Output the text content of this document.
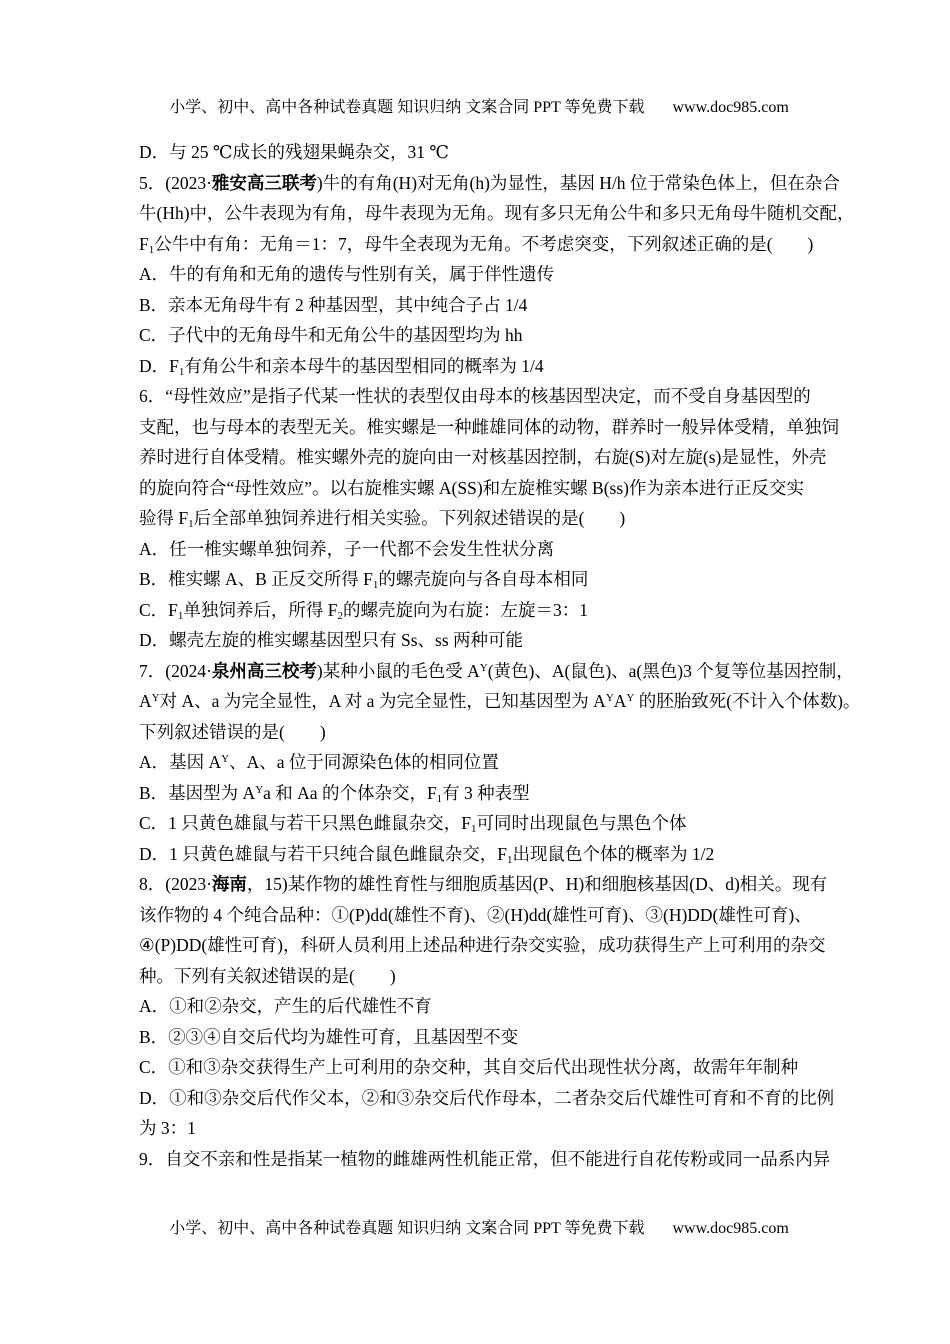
小学、初中、高中各种试卷真题 知识归纳 文案合同 PPT 等免费下载 www.doc985.com

D．与 25 ℃成长的残翅果蝇杂交，31 ℃
5．(2023·雅安高三联考)牛的有角(H)对无角(h)为显性，基因 H/h 位于常染色体上，但在杂合
牛(Hh)中，公牛表现为有角，母牛表现为无角。现有多只无角公牛和多只无角母牛随机交配，
F1公牛中有角：无角＝1：7，母牛全表现为无角。不考虑突变，下列叙述正确的是(　　)
A．牛的有角和无角的遗传与性别有关，属于伴性遗传
B．亲本无角母牛有 2 种基因型，其中纯合子占 1/4
C．子代中的无角母牛和无角公牛的基因型均为 hh
D．F1有角公牛和亲本母牛的基因型相同的概率为 1/4
6．“母性效应”是指子代某一性状的表型仅由母本的核基因型决定，而不受自身基因型的
支配，也与母本的表型无关。椎实螺是一种雌雄同体的动物，群养时一般异体受精，单独饲
养时进行自体受精。椎实螺外壳的旋向由一对核基因控制，右旋(S)对左旋(s)是显性，外壳
的旋向符合“母性效应”。以右旋椎实螺 A(SS)和左旋椎实螺 B(ss)作为亲本进行正反交实
验得 F1后全部单独饲养进行相关实验。下列叙述错误的是(　　)
A．任一椎实螺单独饲养，子一代都不会发生性状分离
B．椎实螺 A、B 正反交所得 F1的螺壳旋向与各自母本相同
C．F1单独饲养后，所得 F2的螺壳旋向为右旋：左旋＝3：1
D．螺壳左旋的椎实螺基因型只有 Ss、ss 两种可能
7．(2024·泉州高三校考)某种小鼠的毛色受 $A^Y$(黄色)、A(鼠色)、a(黑色)3 个复等位基因控制，
$A^Y$对 A、a 为完全显性，A 对 a 为完全显性，已知基因型为 $A^YA^Y$ 的胚胎致死(不计入个体数)。
下列叙述错误的是(　　)
A．基因 $A^Y$、A、a 位于同源染色体的相同位置
B．基因型为 $A^Ya$ 和 Aa 的个体杂交，F1有 3 种表型
C．1 只黄色雄鼠与若干只黑色雌鼠杂交，F1可同时出现鼠色与黑色个体
D．1 只黄色雄鼠与若干只纯合鼠色雌鼠杂交，F1出现鼠色个体的概率为 1/2
8．(2023·海南，15)某作物的雄性育性与细胞质基因(P、H)和细胞核基因(D、d)相关。现有
该作物的 4 个纯合品种：①(P)dd(雄性不育)、②(H)dd(雄性可育)、③(H)DD(雄性可育)、
④(P)DD(雄性可育)，科研人员利用上述品种进行杂交实验，成功获得生产上可利用的杂交
种。下列有关叙述错误的是(　　)
A．①和②杂交，产生的后代雄性不育
B．②③④自交后代均为雄性可育，且基因型不变
C．①和③杂交获得生产上可利用的杂交种，其自交后代出现性状分离，故需年年制种
D．①和③杂交后代作父本，②和③杂交后代作母本，二者杂交后代雄性可育和不育的比例
为 3：1
9．自交不亲和性是指某一植物的雌雄两性机能正常，但不能进行自花传粉或同一品系内异

小学、初中、高中各种试卷真题 知识归纳 文案合同 PPT 等免费下载 www.doc985.com
